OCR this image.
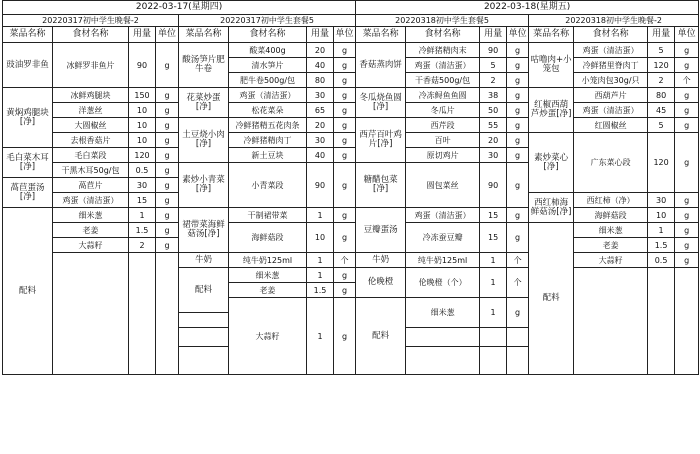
2022-03-17(星期四)								2022-03-18(星期五)								
20220317初中学生晚餐-2				20220317初中学生套餐5				20220318初中学生套餐5				20220318初中学生晚餐-2				
菜品名称	食材名称	用量	单位	菜品名称	食材名称	用量	单位	菜品名称	食材名称	用量	单位	菜品名称	食材名称	用量	单位	
豉油罗非鱼	冰鲜罗非鱼片	90	g	酸汤笋片肥牛卷	酸菜400g	20	g	香菇蒸肉饼	冷鲜猪精肉末	90	g	咕噜肉+小笼包	鸡蛋（清洁蛋）	5	g	
					清水笋片	40	g		鸡蛋（清洁蛋）	5	g		冷鲜猪里脊肉丁	120	g	
					肥牛卷500g/包	80	g		干香菇500g/包	2	g		小笼肉包30g/只	2	个	
黄焖鸡腿块[净]	冰鲜鸡腿块	150	g	花菜炒蛋[净]	鸡蛋（清洁蛋）	30	g	冬瓜烧鱼圆[净]	冷冻鲟鱼鱼圆	38	g	红椒西葫芦炒蛋[净]	西葫芦片	80	g	
	洋葱丝	10	g		松花菜朵	65	g		冬瓜片	50	g		鸡蛋（清洁蛋）	45	g	
	大圆椒丝	10	g	土豆烧小肉[净]	冷鲜猪精五花肉条	20	g	西芹百叶鸡片[净]	西芹段	55	g		红圆椒丝	5	g	
	去根香菇片	10	g		冷鲜猪精肉丁	30	g		百叶	20	g	素炒菜心[净]	广东菜心段	120	g	
毛白菜木耳[净]	毛白菜段	120	g		新土豆块	40	g		原切鸡片	30	g					
	干黑木耳50g/包	0.5	g	素炒小青菜[净]	小青菜段	90	g	糖醋包菜[净]	圆包菜丝	90	g					
萵苣蛋汤[净]	萵苣片	30	g													
	鸡蛋（清洁蛋）	15	g									西红柿海鲜菇汤[净]	西红柿（净）	30	g	
配料	细米葱	1	g	裙带菜海鲜菇汤[净]	干制裙带菜	1	g	豆瓣蛋汤	鸡蛋（清洁蛋）	15	g		海鲜菇段	10	g	
	老姜	1.5	g		海鲜菇段	10	g		冷冻蚕豆瓣	15	g	配料	细米葱	1	g	
	大蒜籽	2	g										老姜	1.5	g	
				牛奶	纯牛奶125ml	1	个	牛奶	纯牛奶125ml	1	个		大蒜籽	0.5	g	
				配料	细米葱	1	g	伦晚橙	伦晚橙（个）	1	个					
					老姜	1.5	g									
					大蒜籽	1	g	配料	细米葱	1	g					
